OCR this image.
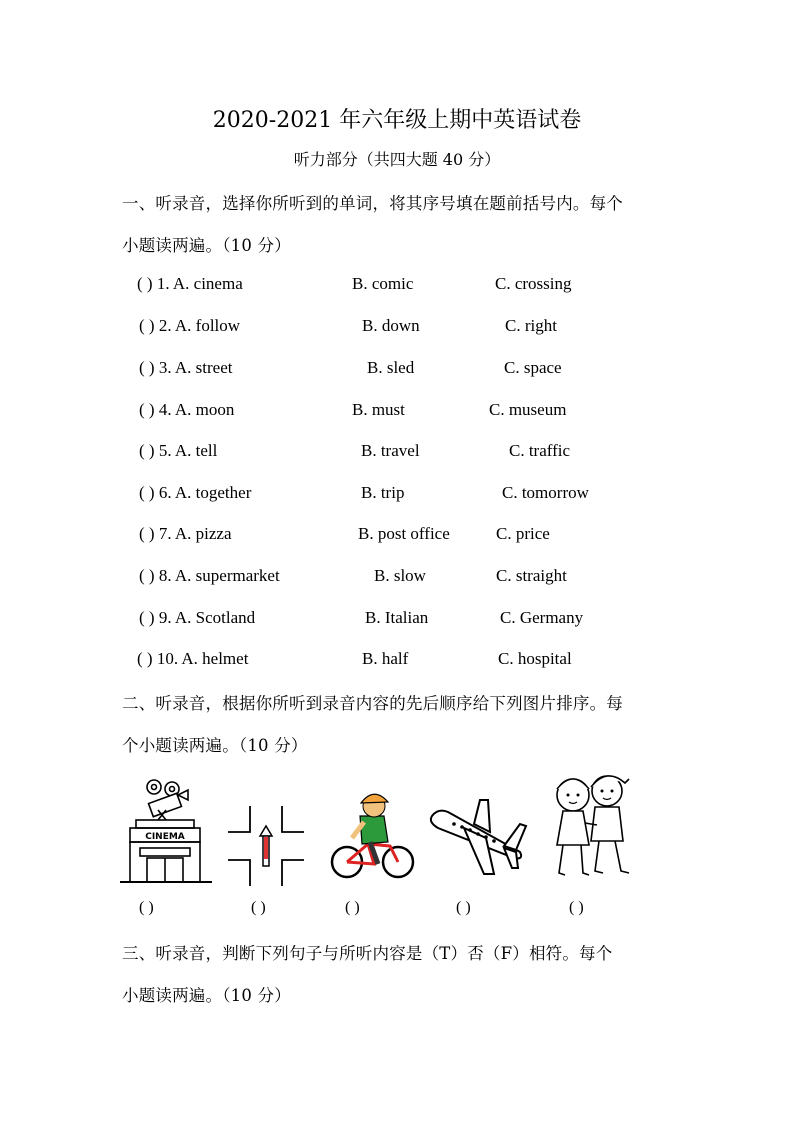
2020-2021 年六年级上期中英语试卷
听力部分（共四大题 40 分）
一、听录音，选择你所听到的单词，将其序号填在题前括号内。每个
小题读两遍。（10 分）
( ) 1. A. cinema	B. comic	C. crossing
( ) 2. A. follow	B. down	C. right
( ) 3. A. street	B. sled	C. space
( ) 4. A. moon	B. must	C. museum
( ) 5. A. tell	B. travel	C. traffic
( ) 6. A. together	B. trip	C. tomorrow
( ) 7. A. pizza	B. post office	C. price
( ) 8. A. supermarket	B. slow	C. straight
( ) 9. A. Scotland	B. Italian	C. Germany
( ) 10. A. helmet	B. half	C. hospital
二、听录音，根据你所听到录音内容的先后顺序给下列图片排序。每
个小题读两遍。（10 分）
CINEMA
( )	( )	( )	( )	( )
三、听录音，判断下列句子与所听内容是（T）否（F）相符。每个
小题读两遍。（10 分）
